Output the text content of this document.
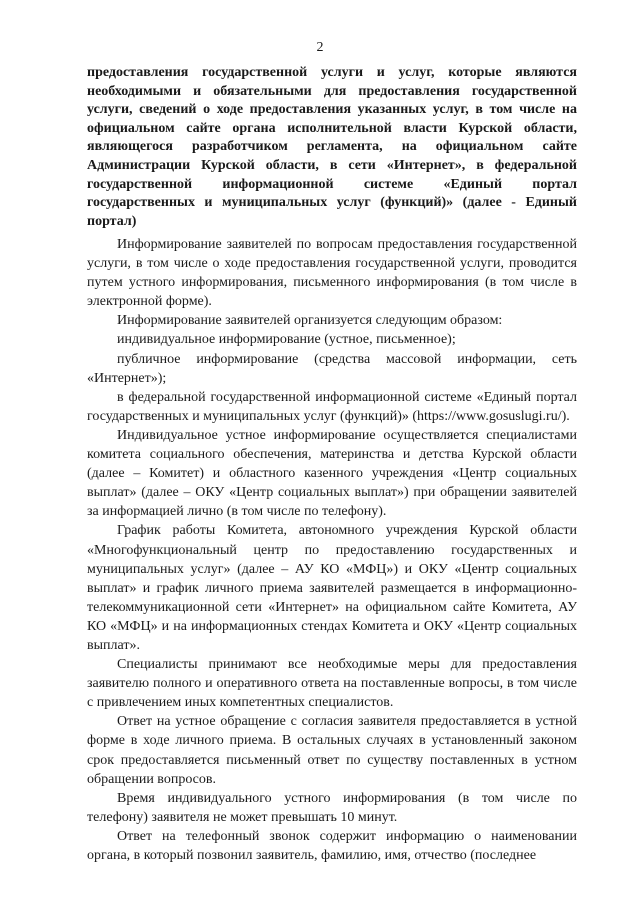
2
предоставления государственной услуги и услуг, которые являются необходимыми и обязательными для предоставления государственной услуги, сведений о ходе предоставления указанных услуг, в том числе на официальном сайте органа исполнительной власти Курской области, являющегося разработчиком регламента, на официальном сайте Администрации Курской области, в сети «Интернет», в федеральной государственной информационной системе «Единый портал государственных и муниципальных услуг (функций)» (далее - Единый портал)

Информирование заявителей по вопросам предоставления государственной услуги, в том числе о ходе предоставления государственной услуги, проводится путем устного информирования, письменного информирования (в том числе в электронной форме).

Информирование заявителей организуется следующим образом:

индивидуальное информирование (устное, письменное);

публичное информирование (средства массовой информации, сеть «Интернет»);

в федеральной государственной информационной системе «Единый портал государственных и муниципальных услуг (функций)» (https://www.gosuslugi.ru/).

Индивидуальное устное информирование осуществляется специалистами комитета социального обеспечения, материнства и детства Курской области (далее – Комитет) и областного казенного учреждения «Центр социальных выплат» (далее – ОКУ «Центр социальных выплат») при обращении заявителей за информацией лично (в том числе по телефону).

График работы Комитета, автономного учреждения Курской области «Многофункциональный центр по предоставлению государственных и муниципальных услуг» (далее – АУ КО «МФЦ») и ОКУ «Центр социальных выплат» и график личного приема заявителей размещается в информационно- телекоммуникационной сети «Интернет» на официальном сайте Комитета, АУ КО «МФЦ» и на информационных стендах Комитета и ОКУ «Центр социальных выплат».

Специалисты принимают все необходимые меры для предоставления заявителю полного и оперативного ответа на поставленные вопросы, в том числе с привлечением иных компетентных специалистов.

Ответ на устное обращение с согласия заявителя предоставляется в устной форме в ходе личного приема. В остальных случаях в установленный законом срок предоставляется письменный ответ по существу поставленных в устном обращении вопросов.

Время индивидуального устного информирования (в том числе по телефону) заявителя не может превышать 10 минут.

Ответ на телефонный звонок содержит информацию о наименовании органа, в который позвонил заявитель, фамилию, имя, отчество (последнее
